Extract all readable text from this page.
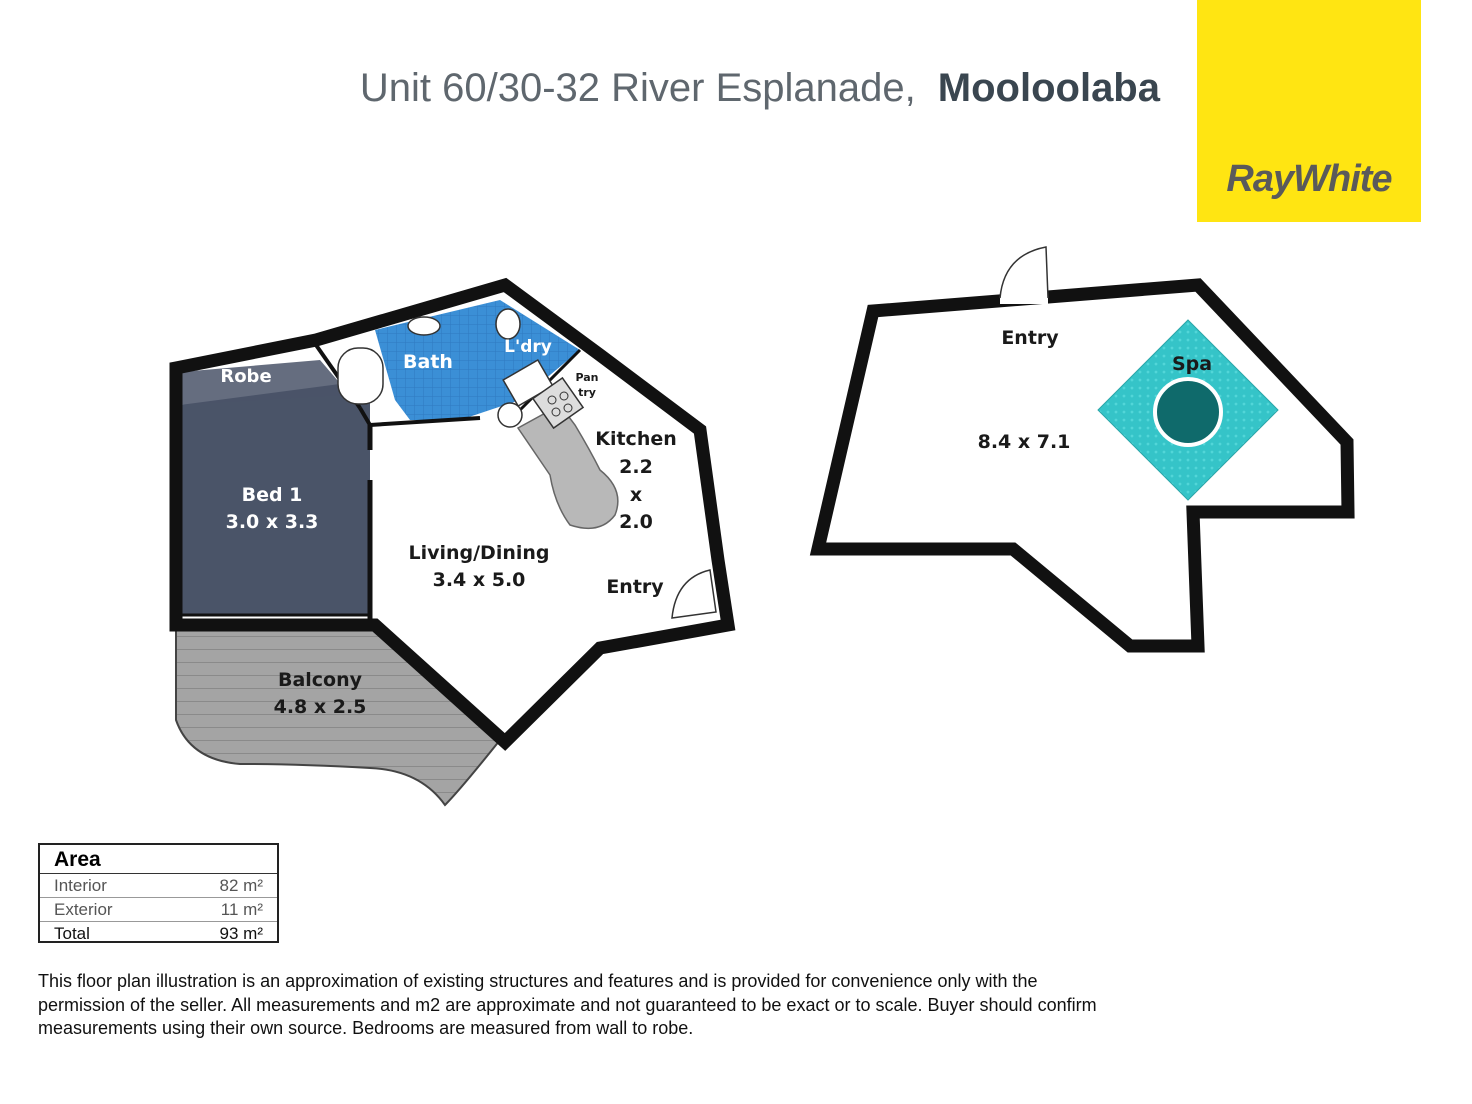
Unit 60/30-32 River Esplanade, Mooloolaba
RayWhite
Robe
Bath
L'dry
Pan
try
Kitchen
2.2
x
2.0
Bed 1
3.0 x 3.3
Living/Dining
3.4 x 5.0	Entry
Balcony
4.8 x 2.5
Entry
Spa
8.4 x 7.1
Area
Interior	82 m²
Exterior	11 m²
Total	93 m²
This floor plan illustration is an approximation of existing structures and features and is provided for convenience only with the permission of the seller. All measurements and m2 are approximate and not guaranteed to be exact or to scale. Buyer should confirm measurements using their own source. Bedrooms are measured from wall to robe.
